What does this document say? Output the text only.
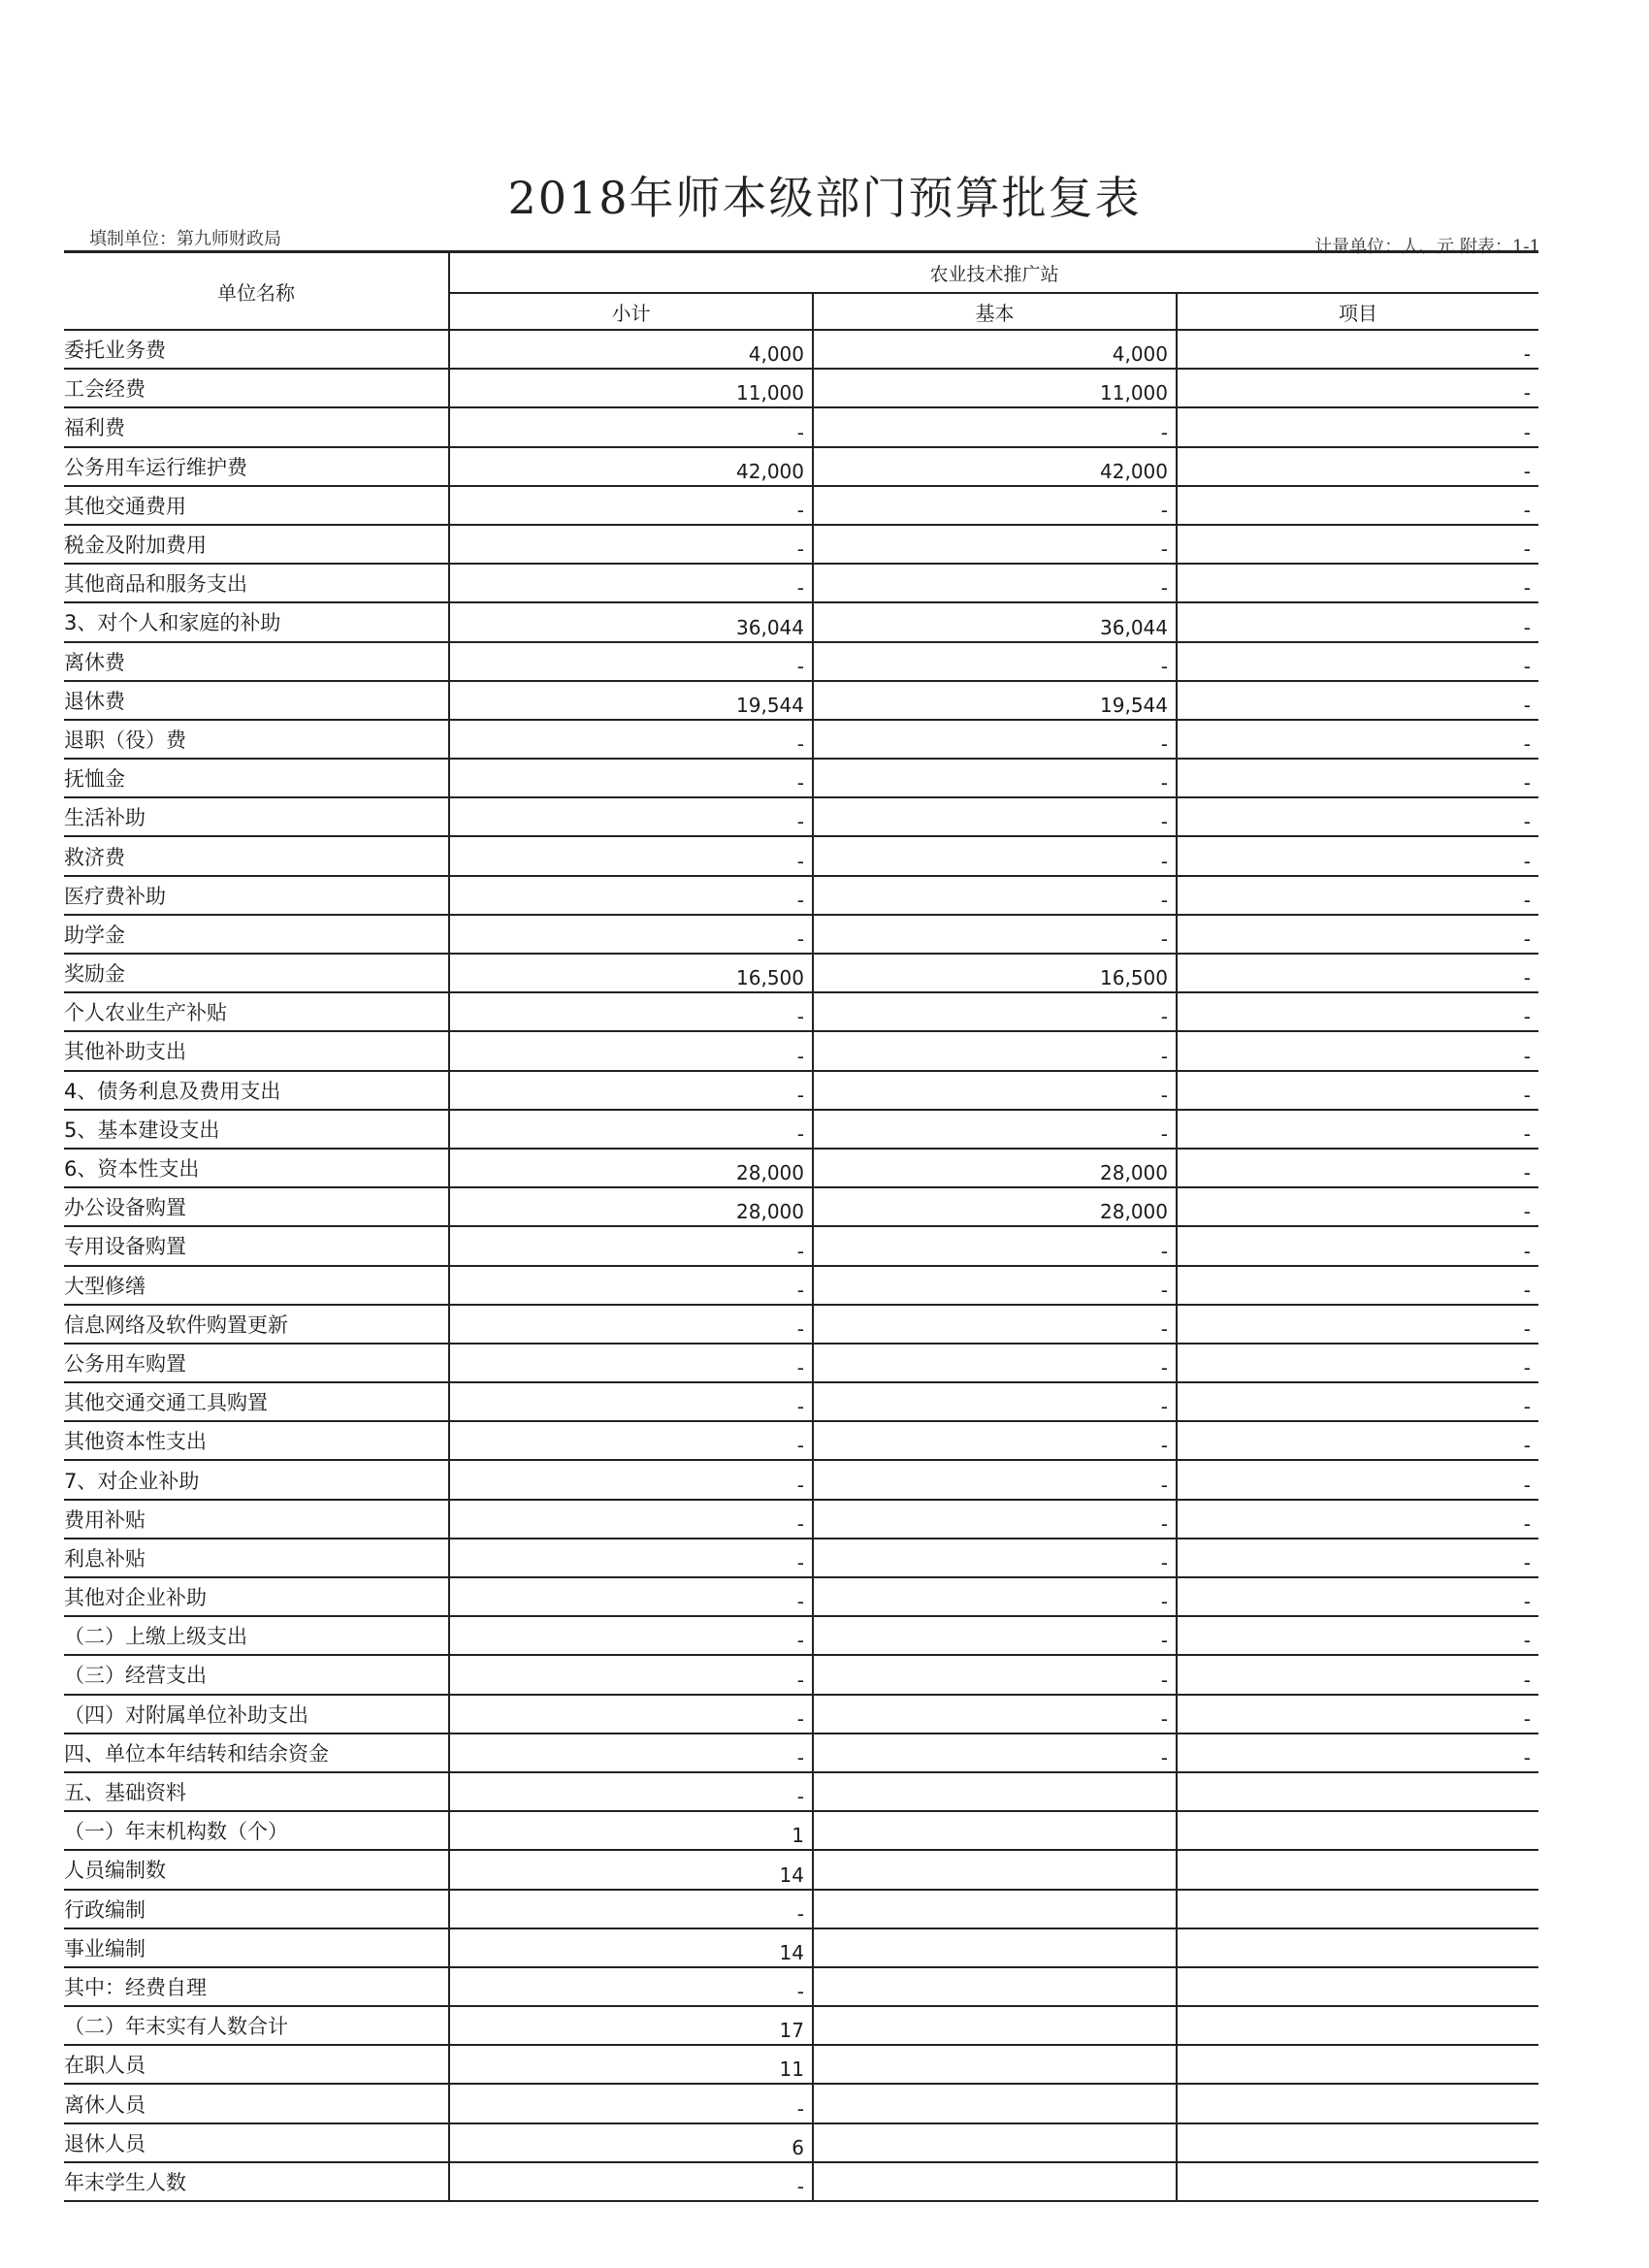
2018年师本级部门预算批复表
填制单位：第九师财政局	计量单位：人、元 附表：1-1
单位名称	农业技术推广站		
	小计	基本	项目
委托业务费	4,000	4,000	-
工会经费	11,000	11,000	-
福利费	-	-	-
公务用车运行维护费	42,000	42,000	-
其他交通费用	-	-	-
税金及附加费用	-	-	-
其他商品和服务支出	-	-	-
3、对个人和家庭的补助	36,044	36,044	-
离休费	-	-	-
退休费	19,544	19,544	-
退职（役）费	-	-	-
抚恤金	-	-	-
生活补助	-	-	-
救济费	-	-	-
医疗费补助	-	-	-
助学金	-	-	-
奖励金	16,500	16,500	-
个人农业生产补贴	-	-	-
其他补助支出	-	-	-
4、债务利息及费用支出	-	-	-
5、基本建设支出	-	-	-
6、资本性支出	28,000	28,000	-
办公设备购置	28,000	28,000	-
专用设备购置	-	-	-
大型修缮	-	-	-
信息网络及软件购置更新	-	-	-
公务用车购置	-	-	-
其他交通交通工具购置	-	-	-
其他资本性支出	-	-	-
7、对企业补助	-	-	-
费用补贴	-	-	-
利息补贴	-	-	-
其他对企业补助	-	-	-
（二）上缴上级支出	-	-	-
（三）经营支出	-	-	-
（四）对附属单位补助支出	-	-	-
四、单位本年结转和结余资金	-	-	-
五、基础资料	-		
（一）年末机构数（个）	1		
人员编制数	14		
行政编制	-		
事业编制	14		
其中：经费自理	-		
（二）年末实有人数合计	17		
在职人员	11		
离休人员	-		
退休人员	6		
年末学生人数	-		
